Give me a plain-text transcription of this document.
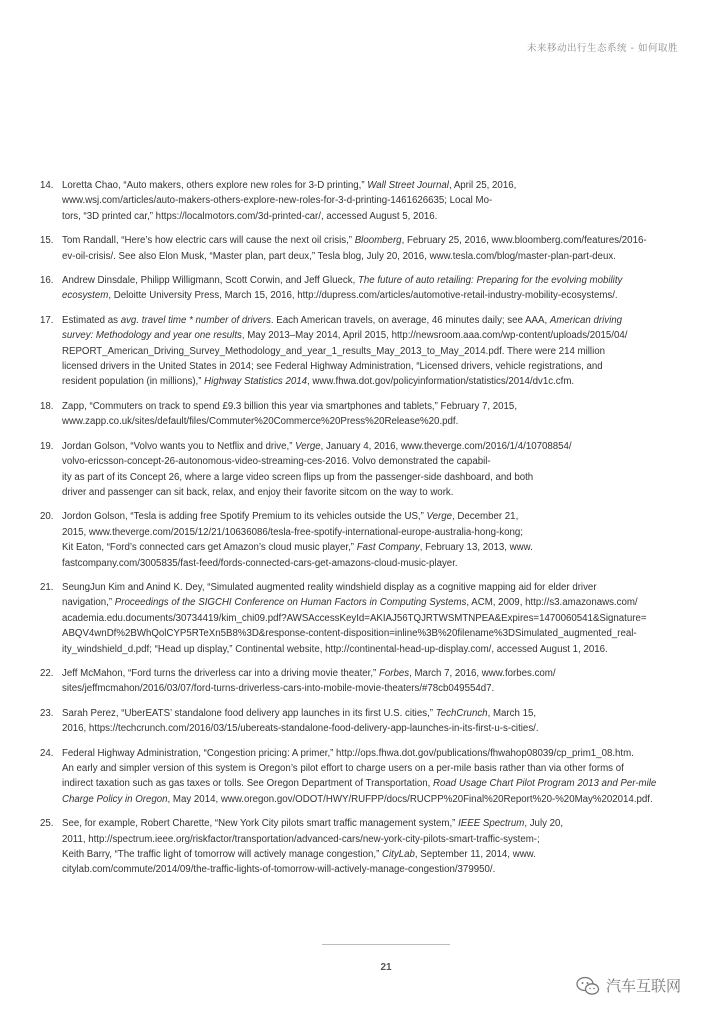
未来移动出行生态系统 - 如何取胜
14. Loretta Chao, “Auto makers, others explore new roles for 3-D printing,” Wall Street Journal, April 25, 2016,
www.wsj.com/articles/auto-makers-others-explore-new-roles-for-3-d-printing-1461626635; Local Mo-
tors, “3D printed car,” https://localmotors.com/3d-printed-car/, accessed August 5, 2016.
15. Tom Randall, “Here’s how electric cars will cause the next oil crisis,” Bloomberg, February 25, 2016, www.bloomberg.com/features/2016-
ev-oil-crisis/. See also Elon Musk, “Master plan, part deux,” Tesla blog, July 20, 2016, www.tesla.com/blog/master-plan-part-deux.
16. Andrew Dinsdale, Philipp Willigmann, Scott Corwin, and Jeff Glueck, The future of auto retailing: Preparing for the evolving mobility
ecosystem, Deloitte University Press, March 15, 2016, http://dupress.com/articles/automotive-retail-industry-mobility-ecosystems/.
17. Estimated as avg. travel time * number of drivers. Each American travels, on average, 46 minutes daily; see AAA, American driving
survey: Methodology and year one results, May 2013–May 2014, April 2015, http://newsroom.aaa.com/wp-content/uploads/2015/04/
REPORT_American_Driving_Survey_Methodology_and_year_1_results_May_2013_to_May_2014.pdf. There were 214 million
licensed drivers in the United States in 2014; see Federal Highway Administration, “Licensed drivers, vehicle registrations, and
resident population (in millions),” Highway Statistics 2014, www.fhwa.dot.gov/policyinformation/statistics/2014/dv1c.cfm.
18. Zapp, “Commuters on track to spend £9.3 billion this year via smartphones and tablets,” February 7, 2015,
www.zapp.co.uk/sites/default/files/Commuter%20Commerce%20Press%20Release%20.pdf.
19. Jordan Golson, “Volvo wants you to Netflix and drive,” Verge, January 4, 2016, www.theverge.com/2016/1/4/10708854/
volvo-ericsson-concept-26-autonomous-video-streaming-ces-2016. Volvo demonstrated the capabil-
ity as part of its Concept 26, where a large video screen flips up from the passenger-side dashboard, and both
driver and passenger can sit back, relax, and enjoy their favorite sitcom on the way to work.
20. Jordon Golson, “Tesla is adding free Spotify Premium to its vehicles outside the US,” Verge, December 21,
2015, www.theverge.com/2015/12/21/10636086/tesla-free-spotify-international-europe-australia-hong-kong;
Kit Eaton, “Ford’s connected cars get Amazon’s cloud music player,” Fast Company, February 13, 2013, www.
fastcompany.com/3005835/fast-feed/fords-connected-cars-get-amazons-cloud-music-player.
21. SeungJun Kim and Anind K. Dey, “Simulated augmented reality windshield display as a cognitive mapping aid for elder driver
navigation,” Proceedings of the SIGCHI Conference on Human Factors in Computing Systems, ACM, 2009, http://s3.amazonaws.com/
academia.edu.documents/30734419/kim_chi09.pdf?AWSAccessKeyId=AKIAJ56TQJRTWSMTNPEA&Expires=1470060541&Signature=
ABQV4wnDf%2BWhQolCYP5RTeXn5B8%3D&response-content-disposition=inline%3B%20filename%3DSimulated_augmented_real-
ity_windshield_d.pdf; “Head up display,” Continental website, http://continental-head-up-display.com/, accessed August 1, 2016.
22. Jeff McMahon, “Ford turns the driverless car into a driving movie theater,” Forbes, March 7, 2016, www.forbes.com/
sites/jeffmcmahon/2016/03/07/ford-turns-driverless-cars-into-mobile-movie-theaters/#78cb049554d7.
23. Sarah Perez, “UberEATS’ standalone food delivery app launches in its first U.S. cities,” TechCrunch, March 15,
2016, https://techcrunch.com/2016/03/15/ubereats-standalone-food-delivery-app-launches-in-its-first-u-s-cities/.
24. Federal Highway Administration, “Congestion pricing: A primer,” http://ops.fhwa.dot.gov/publications/fhwahop08039/cp_prim1_08.htm.
An early and simpler version of this system is Oregon’s pilot effort to charge users on a per-mile basis rather than via other forms of
indirect taxation such as gas taxes or tolls. See Oregon Department of Transportation, Road Usage Chart Pilot Program 2013 and Per-mile
Charge Policy in Oregon, May 2014, www.oregon.gov/ODOT/HWY/RUFPP/docs/RUCPP%20Final%20Report%20-%20May%202014.pdf.
25. See, for example, Robert Charette, “New York City pilots smart traffic management system,” IEEE Spectrum, July 20,
2011, http://spectrum.ieee.org/riskfactor/transportation/advanced-cars/new-york-city-pilots-smart-traffic-system-;
Keith Barry, “The traffic light of tomorrow will actively manage congestion,” CityLab, September 11, 2014, www.
citylab.com/commute/2014/09/the-traffic-lights-of-tomorrow-will-actively-manage-congestion/379950/.
21
汽车互联网
